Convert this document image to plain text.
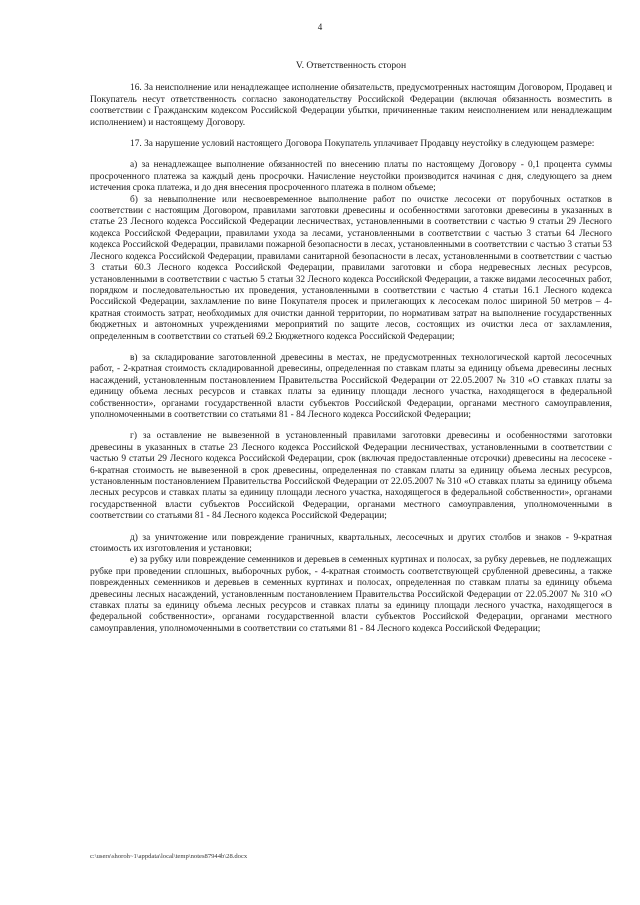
4
V. Ответственность сторон

16. За неисполнение или ненадлежащее исполнение обязательств, предусмотренных настоящим Договором, Продавец и Покупатель несут ответственность согласно законодательству Российской Федерации (включая обязанность возместить в соответствии с Гражданским кодексом Российской Федерации убытки, причиненные таким неисполнением или ненадлежащим исполнением) и настоящему Договору.

17. За нарушение условий настоящего Договора Покупатель уплачивает Продавцу неустойку в следующем размере:

а) за ненадлежащее выполнение обязанностей по внесению платы по настоящему Договору - 0,1 процента суммы просроченного платежа за каждый день просрочки. Начисление неустойки производится начиная с дня, следующего за днем истечения срока платежа, и до дня внесения просроченного платежа в полном объеме;

б) за невыполнение или несвоевременное выполнение работ по очистке лесосеки от порубочных остатков в соответствии с настоящим Договором, правилами заготовки древесины и особенностями заготовки древесины в указанных в статье 23 Лесного кодекса Российской Федерации лесничествах, установленными в соответствии с частью 9 статьи 29 Лесного кодекса Российской Федерации, правилами ухода за лесами, установленными в соответствии с частью 3 статьи 64 Лесного кодекса Российской Федерации, правилами пожарной безопасности в лесах, установленными в соответствии с частью 3 статьи 53 Лесного кодекса Российской Федерации, правилами санитарной безопасности в лесах, установленными в соответствии с частью 3 статьи 60.3 Лесного кодекса Российской Федерации, правилами заготовки и сбора недревесных лесных ресурсов, установленными в соответствии с частью 5 статьи 32 Лесного кодекса Российской Федерации, а также видами лесосечных работ, порядком и последовательностью их проведения, установленными в соответствии с частью 4 статьи 16.1 Лесного кодекса Российской Федерации, захламление по вине Покупателя просек и прилегающих к лесосекам полос шириной 50 метров – 4-кратная стоимость затрат, необходимых для очистки данной территории, по нормативам затрат на выполнение государственных бюджетных и автономных учреждениями мероприятий по защите лесов, состоящих из очистки леса от захламления, определенным в соответствии со статьей 69.2 Бюджетного кодекса Российской Федерации;

в) за складирование заготовленной древесины в местах, не предусмотренных технологической картой лесосечных работ, - 2-кратная стоимость складированной древесины, определенная по ставкам платы за единицу объема древесины лесных насаждений, установленным постановлением Правительства Российской Федерации от 22.05.2007 № 310 «О ставках платы за единицу объема лесных ресурсов и ставках платы за единицу площади лесного участка, находящегося в федеральной собственности», органами государственной власти субъектов Российской Федерации, органами местного самоуправления, уполномоченными в соответствии со статьями 81 - 84 Лесного кодекса Российской Федерации;

г) за оставление не вывезенной в установленный правилами заготовки древесины и особенностями заготовки древесины в указанных в статье 23 Лесного кодекса Российской Федерации лесничествах, установленными в соответствии с частью 9 статьи 29 Лесного кодекса Российской Федерации, срок (включая предоставленные отсрочки) древесины на лесосеке - 6-кратная стоимость не вывезенной в срок древесины, определенная по ставкам платы за единицу объема лесных ресурсов, установленным постановлением Правительства Российской Федерации от 22.05.2007 № 310 «О ставках платы за единицу объема лесных ресурсов и ставках платы за единицу площади лесного участка, находящегося в федеральной собственности», органами государственной власти субъектов Российской Федерации, органами местного самоуправления, уполномоченными в соответствии со статьями 81 - 84 Лесного кодекса Российской Федерации;

д) за уничтожение или повреждение граничных, квартальных, лесосечных и других столбов и знаков - 9-кратная стоимость их изготовления и установки;

е) за рубку или повреждение семенников и деревьев в семенных куртинах и полосах, за рубку деревьев, не подлежащих рубке при проведении сплошных, выборочных рубок, - 4-кратная стоимость соответствующей срубленной древесины, а также поврежденных семенников и деревьев в семенных куртинах и полосах, определенная по ставкам платы за единицу объема древесины лесных насаждений, установленным постановлением Правительства Российской Федерации от 22.05.2007 № 310 «О ставках платы за единицу объема лесных ресурсов и ставках платы за единицу площади лесного участка, находящегося в федеральной собственности», органами государственной власти субъектов Российской Федерации, органами местного самоуправления, уполномоченными в соответствии со статьями 81 - 84 Лесного кодекса Российской Федерации;

c:\users\shoroh~1\appdata\local\temp\notes87944b\28.docx
